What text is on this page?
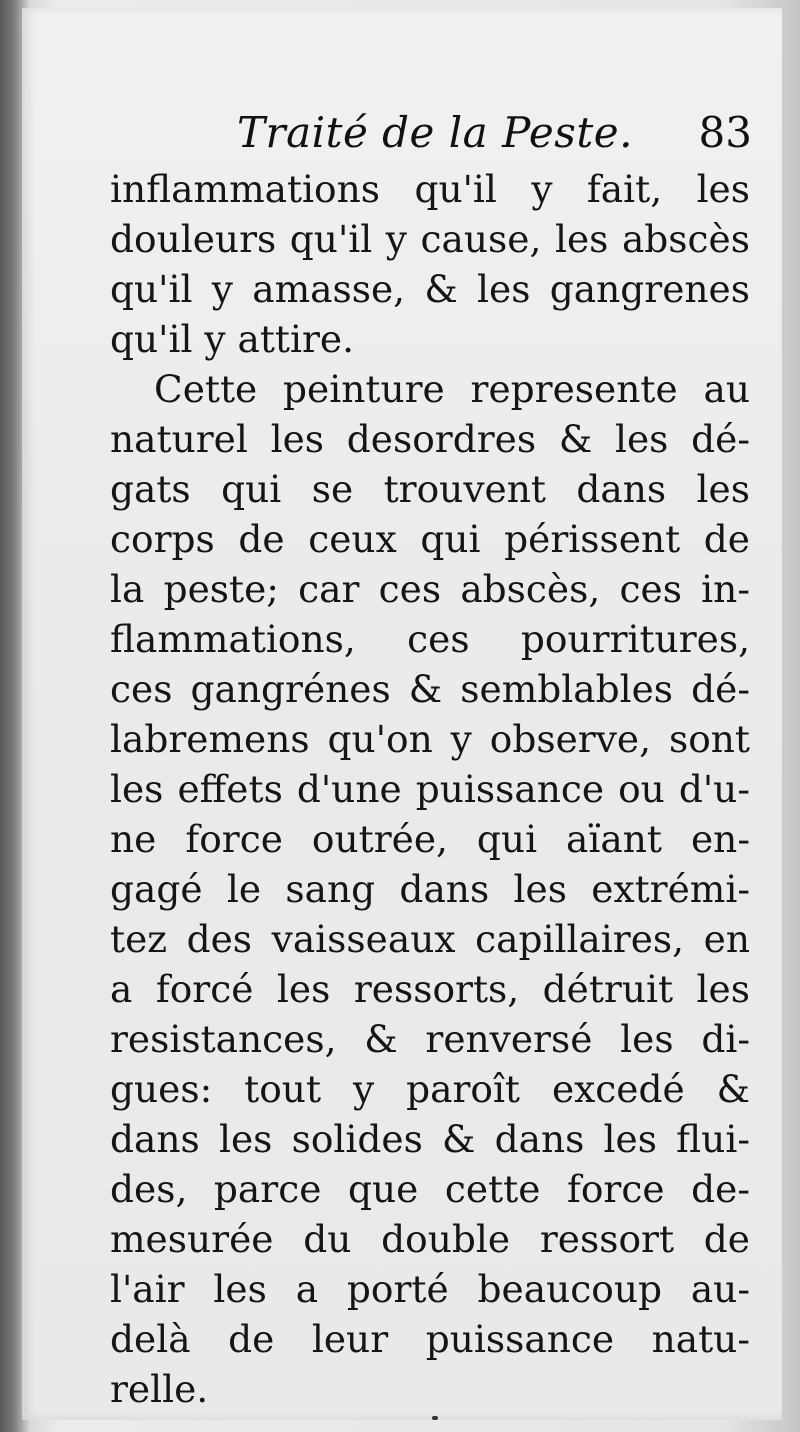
Traité de la Peste. 83
inflammations qu'il y fait, les
douleurs qu'il y cause, les abscès
qu'il y amasse, & les gangrenes
qu'il y attire.
Cette peinture represente au
naturel les desordres & les dé-
gats qui se trouvent dans les
corps de ceux qui périssent de
la peste; car ces abscès, ces in-
flammations, ces pourritures,
ces gangrénes & semblables dé-
labremens qu'on y observe, sont
les effets d'une puissance ou d'u-
ne force outrée, qui aïant en-
gagé le sang dans les extrémi-
tez des vaisseaux capillaires, en
a forcé les ressorts, détruit les
resistances, & renversé les di-
gues: tout y paroît excedé &
dans les solides & dans les flui-
des, parce que cette force de-
mesurée du double ressort de
l'air les a porté beaucoup au-
delà de leur puissance natu-
relle.
